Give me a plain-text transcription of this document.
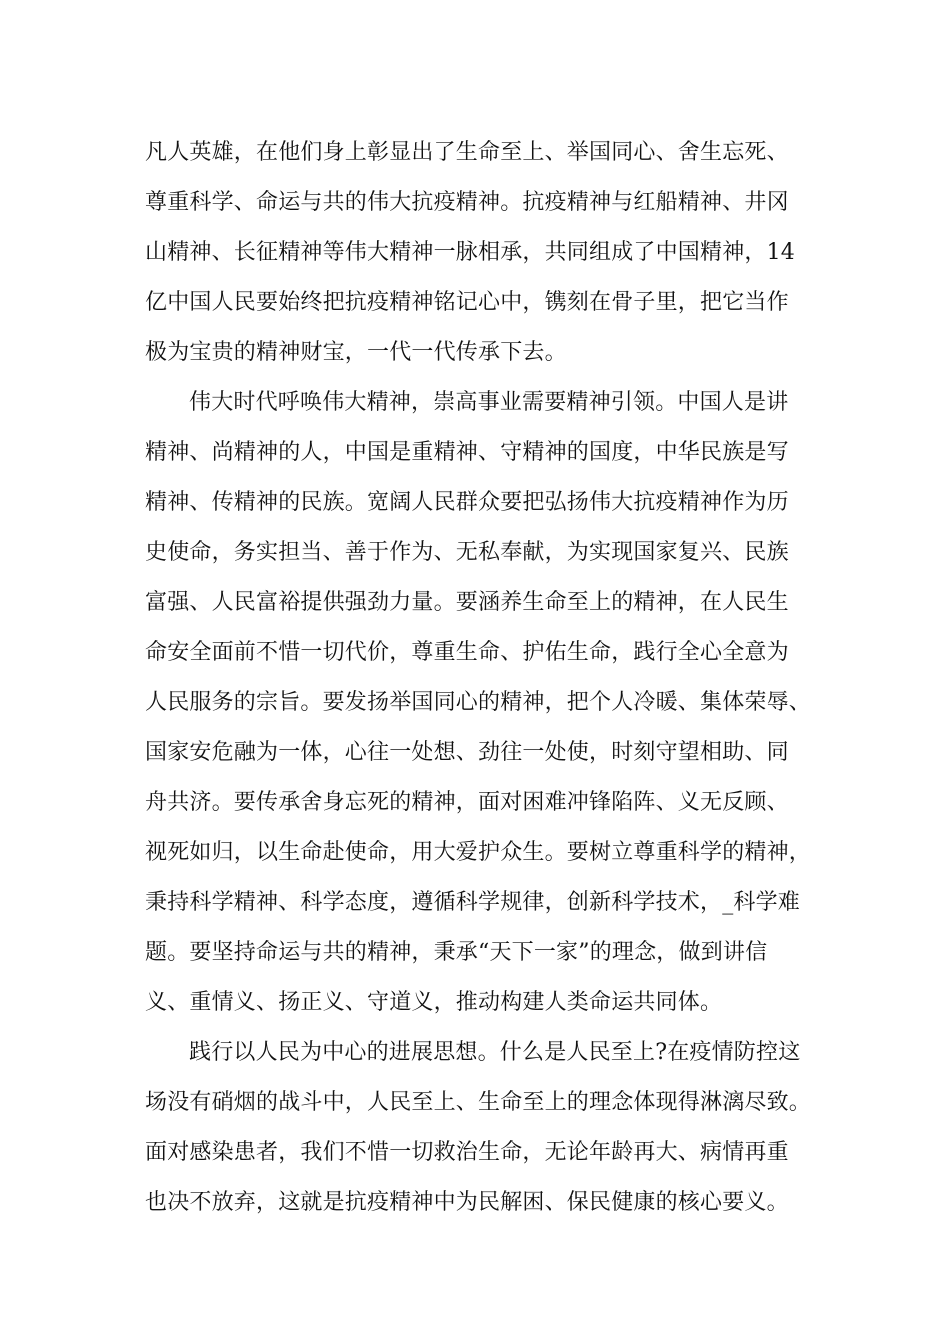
凡人英雄，在他们身上彰显出了生命至上、举国同心、舍生忘死、
尊重科学、命运与共的伟大抗疫精神。抗疫精神与红船精神、井冈
山精神、长征精神等伟大精神一脉相承，共同组成了中国精神，14
亿中国人民要始终把抗疫精神铭记心中，镌刻在骨子里，把它当作
极为宝贵的精神财宝，一代一代传承下去。
伟大时代呼唤伟大精神，崇高事业需要精神引领。中国人是讲
精神、尚精神的人，中国是重精神、守精神的国度，中华民族是写
精神、传精神的民族。宽阔人民群众要把弘扬伟大抗疫精神作为历
史使命，务实担当、善于作为、无私奉献，为实现国家复兴、民族
富强、人民富裕提供强劲力量。要涵养生命至上的精神，在人民生
命安全面前不惜一切代价，尊重生命、护佑生命，践行全心全意为
人民服务的宗旨。要发扬举国同心的精神，把个人冷暖、集体荣辱、
国家安危融为一体，心往一处想、劲往一处使，时刻守望相助、同
舟共济。要传承舍身忘死的精神，面对困难冲锋陷阵、义无反顾、
视死如归，以生命赴使命，用大爱护众生。要树立尊重科学的精神，
秉持科学精神、科学态度，遵循科学规律，创新科学技术，_科学难
题。要坚持命运与共的精神，秉承“天下一家”的理念，做到讲信
义、重情义、扬正义、守道义，推动构建人类命运共同体。
践行以人民为中心的进展思想。什么是人民至上?在疫情防控这
场没有硝烟的战斗中，人民至上、生命至上的理念体现得淋漓尽致。
面对感染患者，我们不惜一切救治生命，无论年龄再大、病情再重
也决不放弃，这就是抗疫精神中为民解困、保民健康的核心要义。
